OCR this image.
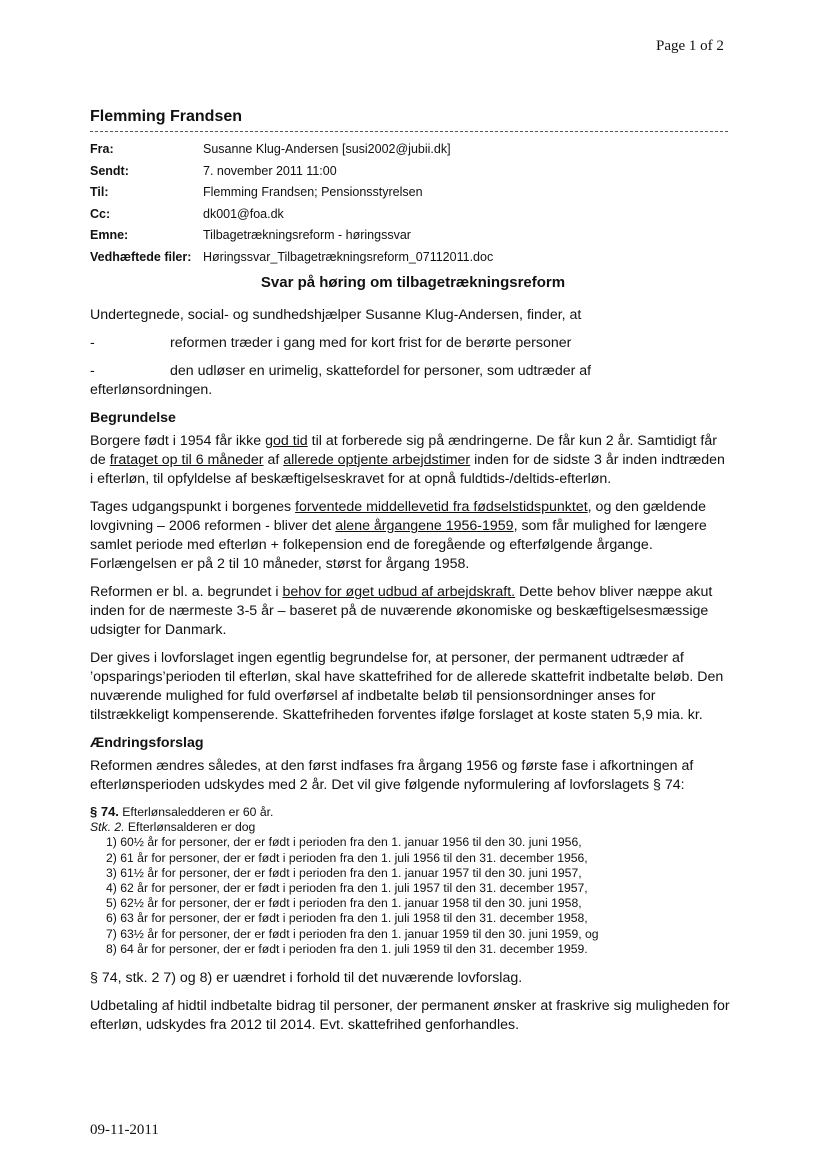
Page 1 of 2
Flemming Frandsen
Fra:	Susanne Klug-Andersen [susi2002@jubii.dk]
Sendt:	7. november 2011 11:00
Til:	Flemming Frandsen; Pensionsstyrelsen
Cc:	dk001@foa.dk
Emne:	Tilbagetrækningsreform - høringssvar
Vedhæftede filer: Høringssvar_Tilbagetrækningsreform_07112011.doc
Svar på høring om tilbagetrækningsreform

Undertegnede, social- og sundhedshjælper Susanne Klug-Andersen, finder, at

-	reformen træder i gang med for kort frist for de berørte personer
-	den udløser en urimelig, skattefordel for personer, som udtræder af
efterlønsordningen.
Begrundelse

Borgere født i 1954 får ikke god tid til at forberede sig på ændringerne. De får kun 2 år. Samtidigt får de frataget op til 6 måneder af allerede optjente arbejdstimer inden for de sidste 3 år inden indtræden i efterløn, til opfyldelse af beskæftigelseskravet for at opnå fuldtids-/deltids-efterløn.

Tages udgangspunkt i borgenes forventede middellevetid fra fødselstidspunktet, og den gældende lovgivning – 2006 reformen - bliver det alene årgangene 1956-1959, som får mulighed for længere samlet periode med efterløn + folkepension end de foregående og efterfølgende årgange. Forlængelsen er på 2 til 10 måneder, størst for årgang 1958.

Reformen er bl. a. begrundet i behov for øget udbud af arbejdskraft. Dette behov bliver næppe akut inden for de nærmeste 3-5 år – baseret på de nuværende økonomiske og beskæftigelsesmæssige udsigter for Danmark.

Der gives i lovforslaget ingen egentlig begrundelse for, at personer, der permanent udtræder af ’opsparings’perioden til efterløn, skal have skattefrihed for de allerede skattefrit indbetalte beløb. Den nuværende mulighed for fuld overførsel af indbetalte beløb til pensionsordninger anses for tilstrækkeligt kompenserende. Skattefriheden forventes ifølge forslaget at koste staten 5,9 mia. kr.

Ændringsforslag

Reformen ændres således, at den først indfases fra årgang 1956 og første fase i afkortningen af efterlønsperioden udskydes med 2 år. Det vil give følgende nyformulering af lovforslagets § 74:

§ 74. Efterlønsaledderen er 60 år.
Stk. 2. Efterlønsalderen er dog
1) 60½ år for personer, der er født i perioden fra den 1. januar 1956 til den 30. juni 1956,
2) 61 år for personer, der er født i perioden fra den 1. juli 1956 til den 31. december 1956,
3) 61½ år for personer, der er født i perioden fra den 1. januar 1957 til den 30. juni 1957,
4) 62 år for personer, der er født i perioden fra den 1. juli 1957 til den 31. december 1957,
5) 62½ år for personer, der er født i perioden fra den 1. januar 1958 til den 30. juni 1958,
6) 63 år for personer, der er født i perioden fra den 1. juli 1958 til den 31. december 1958,
7) 63½ år for personer, der er født i perioden fra den 1. januar 1959 til den 30. juni 1959, og
8) 64 år for personer, der er født i perioden fra den 1. juli 1959 til den 31. december 1959.

§ 74, stk. 2 7) og 8) er uændret i forhold til det nuværende lovforslag.

Udbetaling af hidtil indbetalte bidrag til personer, der permanent ønsker at fraskrive sig muligheden for efterløn, udskydes fra 2012 til 2014. Evt. skattefrihed genforhandles.

09-11-2011
